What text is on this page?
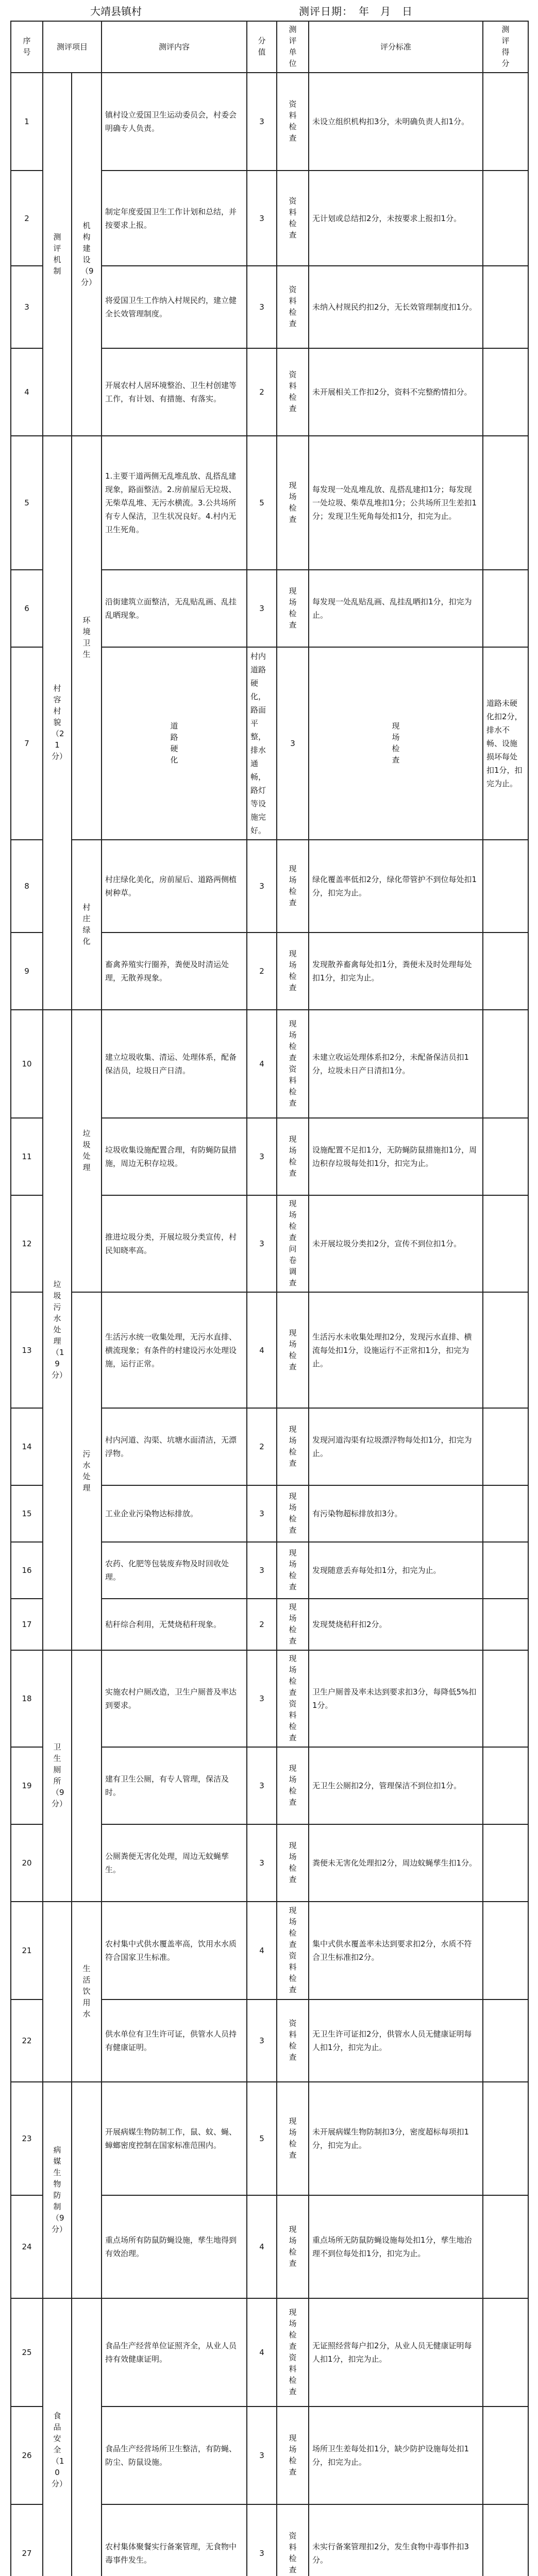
大靖县镇村	测评日期：　年　月　日
序号	测评项目		测评内容	分值	测评单位	评分标准	测评得分	
1	测评机制	机构建设（9分）	镇村设立爱国卫生运动委员会，村委会明确专人负责。	3	资料检查	未设立组织机构扣3分，未明确负责人扣1分。		
2			制定年度爱国卫生工作计划和总结，并按要求上报。	3	资料检查	无计划或总结扣2分，未按要求上报扣1分。		
3			将爱国卫生工作纳入村规民约，建立健全长效管理制度。	3	资料检查	未纳入村规民约扣2分，无长效管理制度扣1分。		
4			开展农村人居环境整治、卫生村创建等工作，有计划、有措施、有落实。	2	资料检查	未开展相关工作扣2分，资料不完整酌情扣分。		
5	村容村貌（21分）	环境卫生	1.主要干道两侧无乱堆乱放、乱搭乱建现象，路面整洁。2.房前屋后无垃圾、无柴草乱堆、无污水横流。3.公共场所有专人保洁，卫生状况良好。4.村内无卫生死角。	5	现场检查	每发现一处乱堆乱放、乱搭乱建扣1分；每发现一处垃圾、柴草乱堆扣1分；公共场所卫生差扣1分；发现卫生死角每处扣1分，扣完为止。		
6			沿街建筑立面整洁，无乱贴乱画、乱挂乱晒现象。	3	现场检查	每发现一处乱贴乱画、乱挂乱晒扣1分，扣完为止。		
7			道路硬化	村内道路硬化，路面平整，排水通畅，路灯等设施完好。	3	现场检查	道路未硬化扣2分，排水不畅、设施损坏每处扣1分，扣完为止。	
8		村庄绿化	村庄绿化美化，房前屋后、道路两侧植树种草。	3	现场检查	绿化覆盖率低扣2分，绿化带管护不到位每处扣1分，扣完为止。		
9			畜禽养殖实行圈养，粪便及时清运处理，无散养现象。	2	现场检查	发现散养畜禽每处扣1分，粪便未及时处理每处扣1分，扣完为止。		
10	垃圾污水处理（19分）	垃圾处理	建立垃圾收集、清运、处理体系，配备保洁员，垃圾日产日清。	4	现场检查资料检查	未建立收运处理体系扣2分，未配备保洁员扣1分，垃圾未日产日清扣1分。		
11			垃圾收集设施配置合理，有防蝇防鼠措施，周边无积存垃圾。	3	现场检查	设施配置不足扣1分，无防蝇防鼠措施扣1分，周边积存垃圾每处扣1分，扣完为止。		
12			推进垃圾分类，开展垃圾分类宣传，村民知晓率高。	3	现场检查问卷调查	未开展垃圾分类扣2分，宣传不到位扣1分。		
13		污水处理	生活污水统一收集处理，无污水直排、横流现象；有条件的村建设污水处理设施，运行正常。	4	现场检查	生活污水未收集处理扣2分，发现污水直排、横流每处扣1分，设施运行不正常扣1分，扣完为止。		
14			村内河道、沟渠、坑塘水面清洁，无漂浮物。	2	现场检查	发现河道沟渠有垃圾漂浮物每处扣1分，扣完为止。		
15			工业企业污染物达标排放。	3	现场检查	有污染物超标排放扣3分。		
16			农药、化肥等包装废弃物及时回收处理。	3	现场检查	发现随意丢弃每处扣1分，扣完为止。		
17			秸秆综合利用，无焚烧秸秆现象。	2	现场检查	发现焚烧秸秆扣2分。		
18	卫生厕所（9分）		实施农村户厕改造，卫生户厕普及率达到要求。	3	现场检查资料检查	卫生户厕普及率未达到要求扣3分，每降低5%扣1分。		
19			建有卫生公厕，有专人管理，保洁及时。	3	现场检查	无卫生公厕扣2分，管理保洁不到位扣1分。		
20			公厕粪便无害化处理，周边无蚊蝇孳生。	3	现场检查	粪便未无害化处理扣2分，周边蚊蝇孳生扣1分。		
21		生活饮用水	农村集中式供水覆盖率高，饮用水水质符合国家卫生标准。	4	现场检查资料检查	集中式供水覆盖率未达到要求扣2分，水质不符合卫生标准扣2分。		
22			供水单位有卫生许可证，供管水人员持有健康证明。	3	资料检查	无卫生许可证扣2分，供管水人员无健康证明每人扣1分，扣完为止。		
23	病媒生物防制（9分）		开展病媒生物防制工作，鼠、蚊、蝇、蟑螂密度控制在国家标准范围内。	5	现场检查	未开展病媒生物防制扣3分，密度超标每项扣1分，扣完为止。		
24			重点场所有防鼠防蝇设施，孳生地得到有效治理。	4	现场检查	重点场所无防鼠防蝇设施每处扣1分，孳生地治理不到位每处扣1分，扣完为止。		
25	食品安全（10分）		食品生产经营单位证照齐全，从业人员持有效健康证明。	4	现场检查资料检查	无证照经营每户扣2分，从业人员无健康证明每人扣1分，扣完为止。		
26			食品生产经营场所卫生整洁，有防蝇、防尘、防鼠设施。	3	现场检查	场所卫生差每处扣1分，缺少防护设施每处扣1分，扣完为止。		
27			农村集体聚餐实行备案管理，无食物中毒事件发生。	3	资料检查	未实行备案管理扣2分，发生食物中毒事件扣3分。		
